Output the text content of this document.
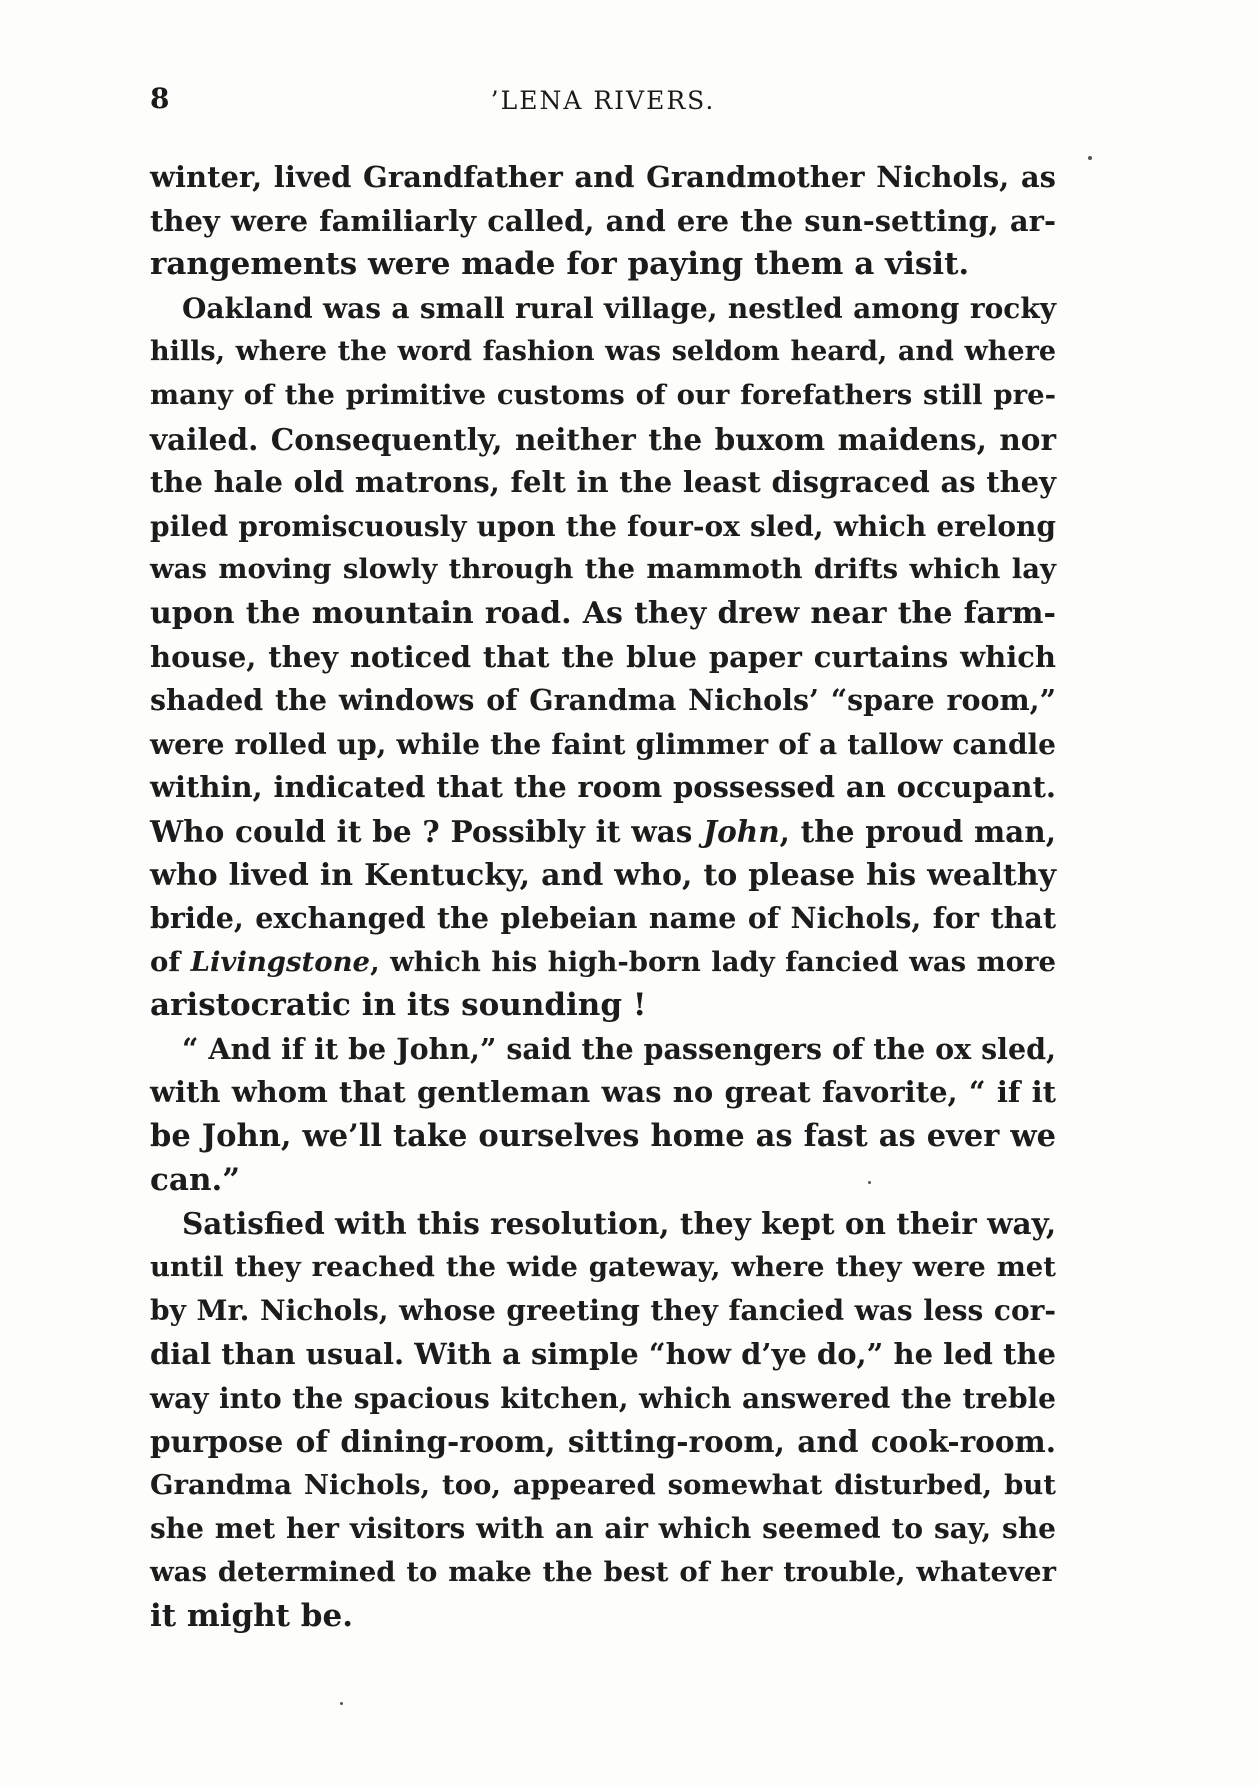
8	’LENA RIVERS.

winter, lived Grandfather and Grandmother Nichols, as
they were familiarly called, and ere the sun-setting, ar-
rangements were made for paying them a visit.

Oakland was a small rural village, nestled among rocky
hills, where the word fashion was seldom heard, and where
many of the primitive customs of our forefathers still pre-
vailed. Consequently, neither the buxom maidens, nor
the hale old matrons, felt in the least disgraced as they
piled promiscuously upon the four-ox sled, which erelong
was moving slowly through the mammoth drifts which lay
upon the mountain road. As they drew near the farm-
house, they noticed that the blue paper curtains which
shaded the windows of Grandma Nichols’ “spare room,”
were rolled up, while the faint glimmer of a tallow candle
within, indicated that the room possessed an occupant.
Who could it be ? Possibly it was John, the proud man,
who lived in Kentucky, and who, to please his wealthy
bride, exchanged the plebeian name of Nichols, for that
of Livingstone, which his high-born lady fancied was more
aristocratic in its sounding !

“ And if it be John,” said the passengers of the ox sled,
with whom that gentleman was no great favorite, “ if it
be John, we’ll take ourselves home as fast as ever we
can.”

Satisfied with this resolution, they kept on their way,
until they reached the wide gateway, where they were met
by Mr. Nichols, whose greeting they fancied was less cor-
dial than usual. With a simple “how d’ye do,” he led the
way into the spacious kitchen, which answered the treble
purpose of dining-room, sitting-room, and cook-room.
Grandma Nichols, too, appeared somewhat disturbed, but
she met her visitors with an air which seemed to say, she
was determined to make the best of her trouble, whatever
it might be.
